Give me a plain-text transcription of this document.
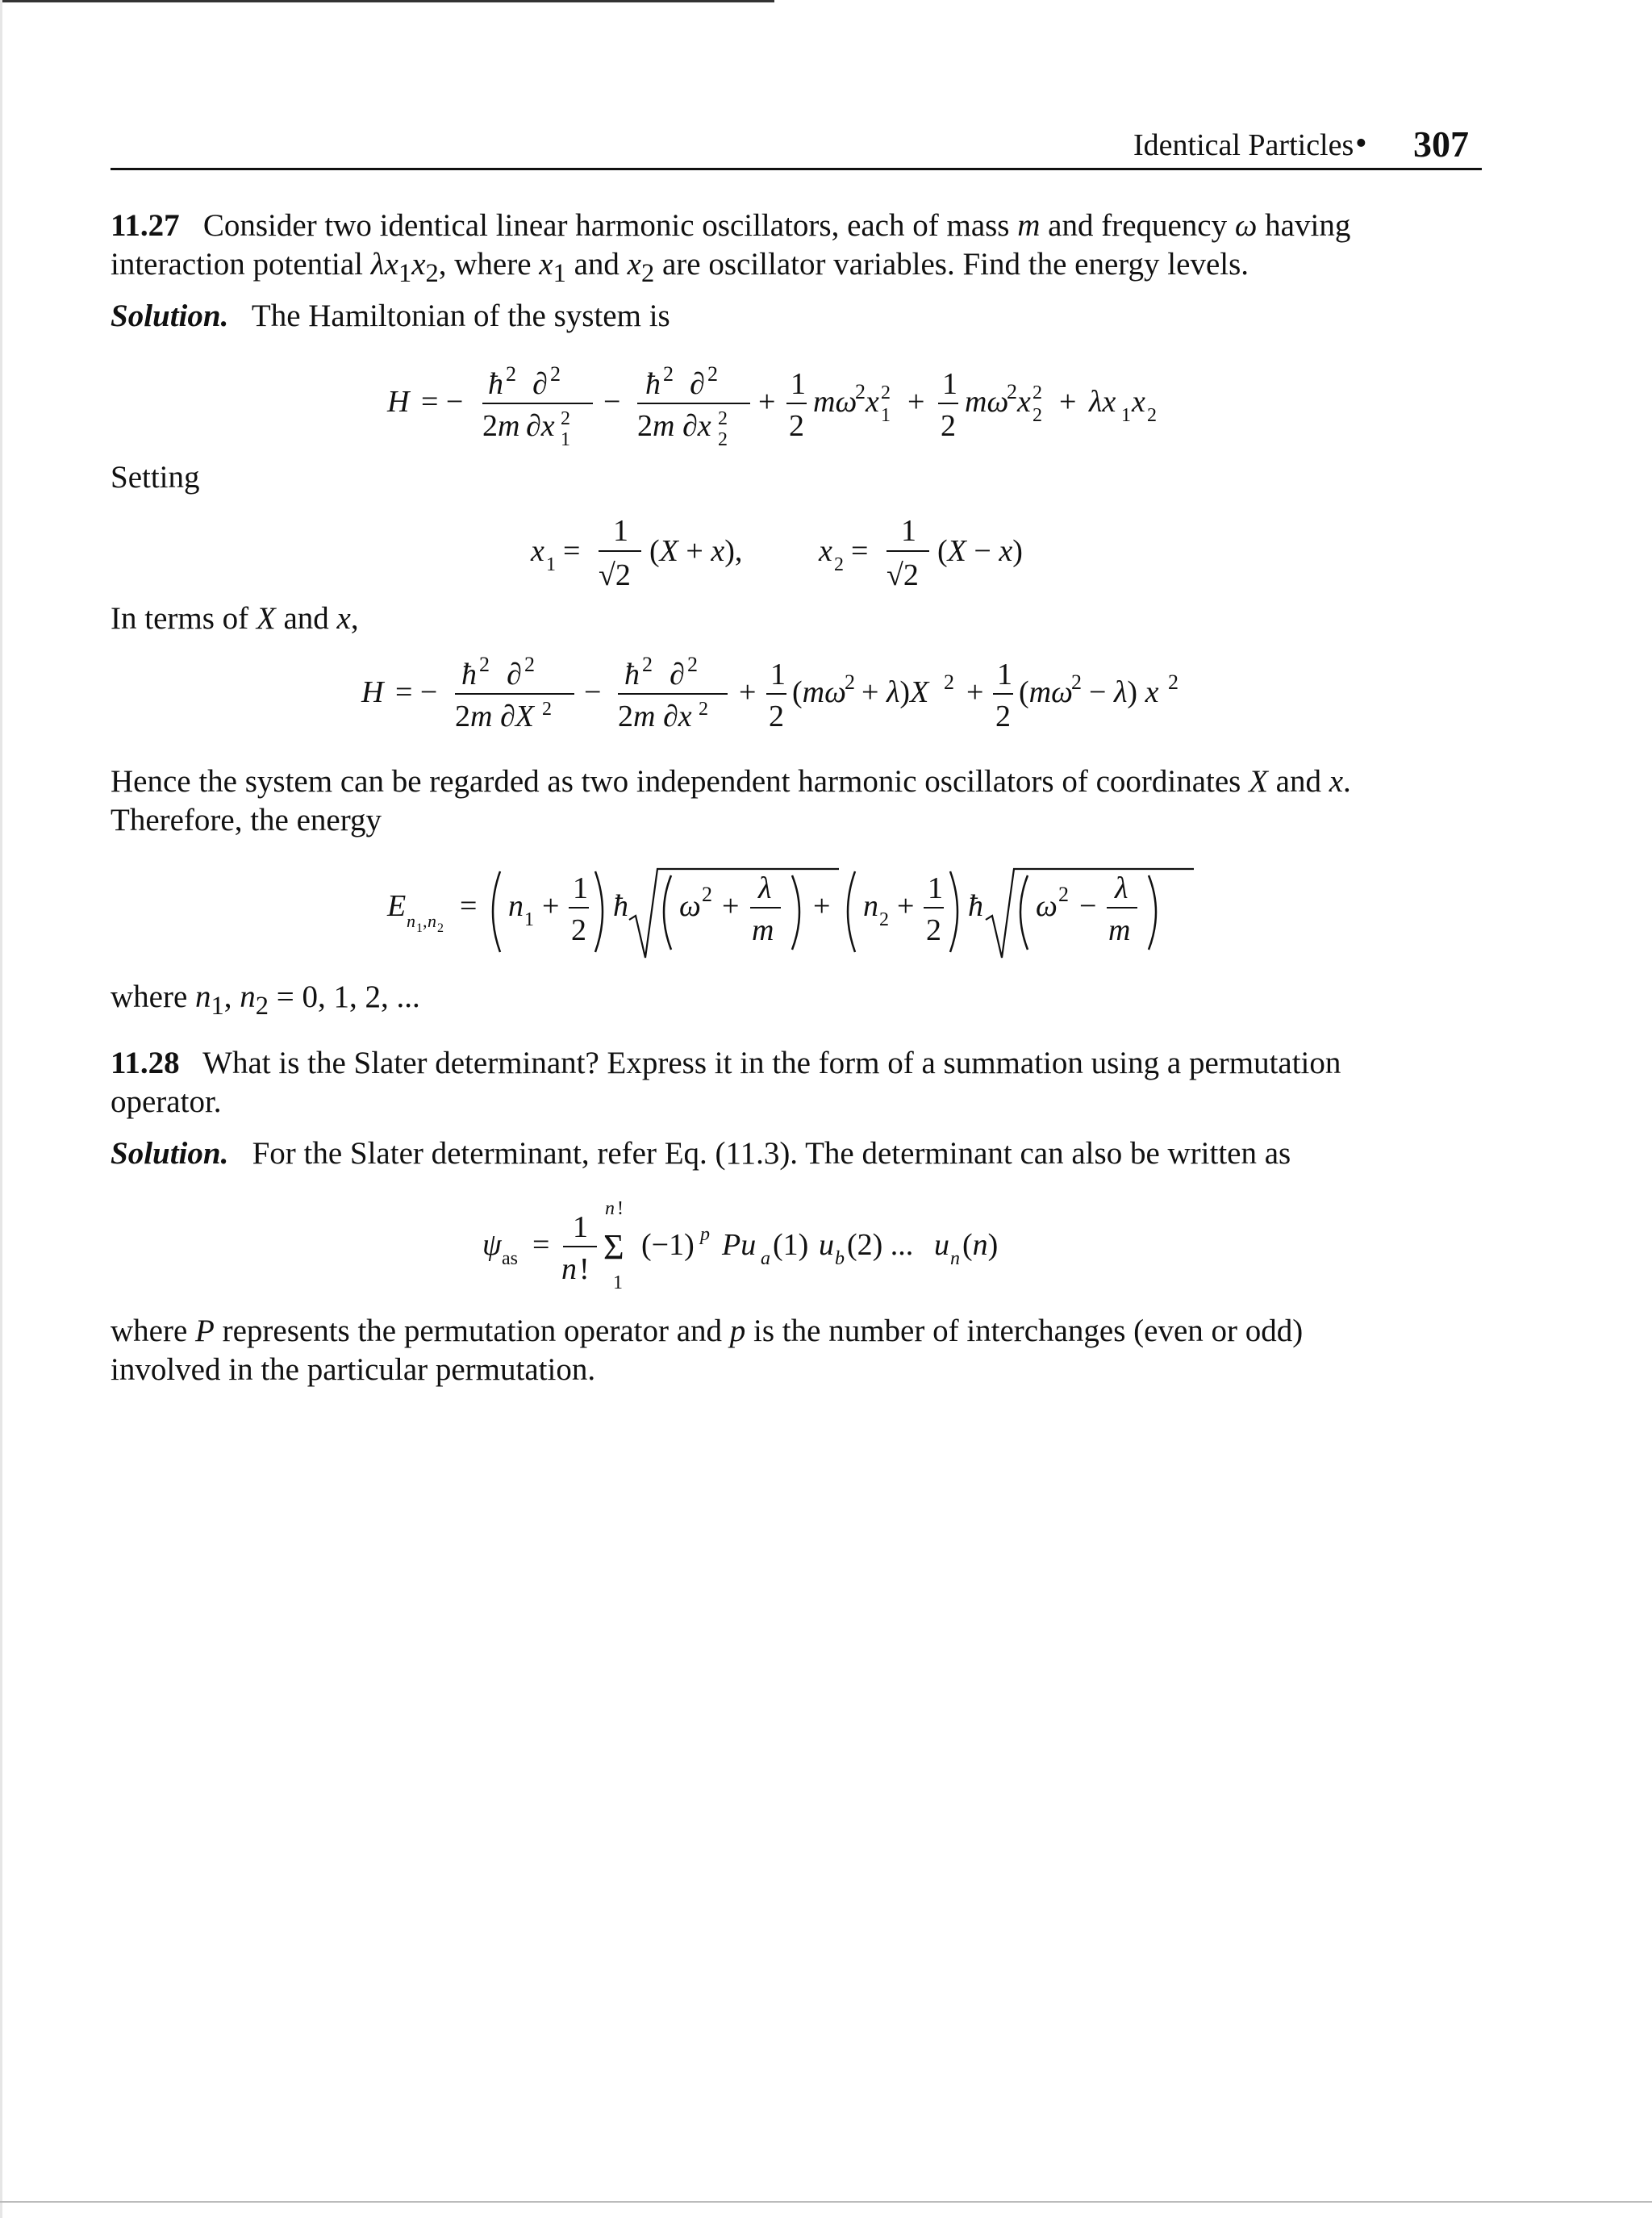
Identical Particles • 307
11.27   Consider two identical linear harmonic oscillators, each of mass m and frequency ω having
interaction potential $\lambda x_1x_2$, where $x_1$ and $x_2$ are oscillator variables. Find the energy levels.
Solution. The Hamiltonian of the system is
H = −
ħ 2 ∂ 2
2m ∂x 1
2 −
ħ 2 ∂ 2
2m ∂x 2
2 +
1
2
mω
2 x 1
2 +
1
2
mω
2 x 2
2 + λx 1 x 2
Setting
x 1 =
1
√2
(X + x), x 2 =
1
√2
(X − x)
In terms of X and x,
H = −
ħ 2 ∂ 2
2m ∂X 2 −
ħ 2 ∂ 2
2m ∂x 2 +
1
2
(mω
2 + λ)X 2 +
1
2
(mω
2 − λ) x 2
Hence the system can be regarded as two independent harmonic oscillators of coordinates X and x.
Therefore, the energy
E n 1 , n 2
= n 1 +
1
2
ħ ω 2 +
λ
m
+ n 2 +
1
2
ħ ω 2 −
λ
m
where $n_1$, $n_2 = 0$, 1, 2, ...
11.28 What is the Slater determinant? Express it in the form of a summation using a permutation
operator.
Solution. For the Slater determinant, refer Eq. (11.3). The determinant can also be written as
ψ as =
n !
1
n !
Σ
1
(−1) p Pu a (1) u b (2) ... u n (n)
where P represents the permutation operator and p is the number of interchanges (even or odd)
involved in the particular permutation.
